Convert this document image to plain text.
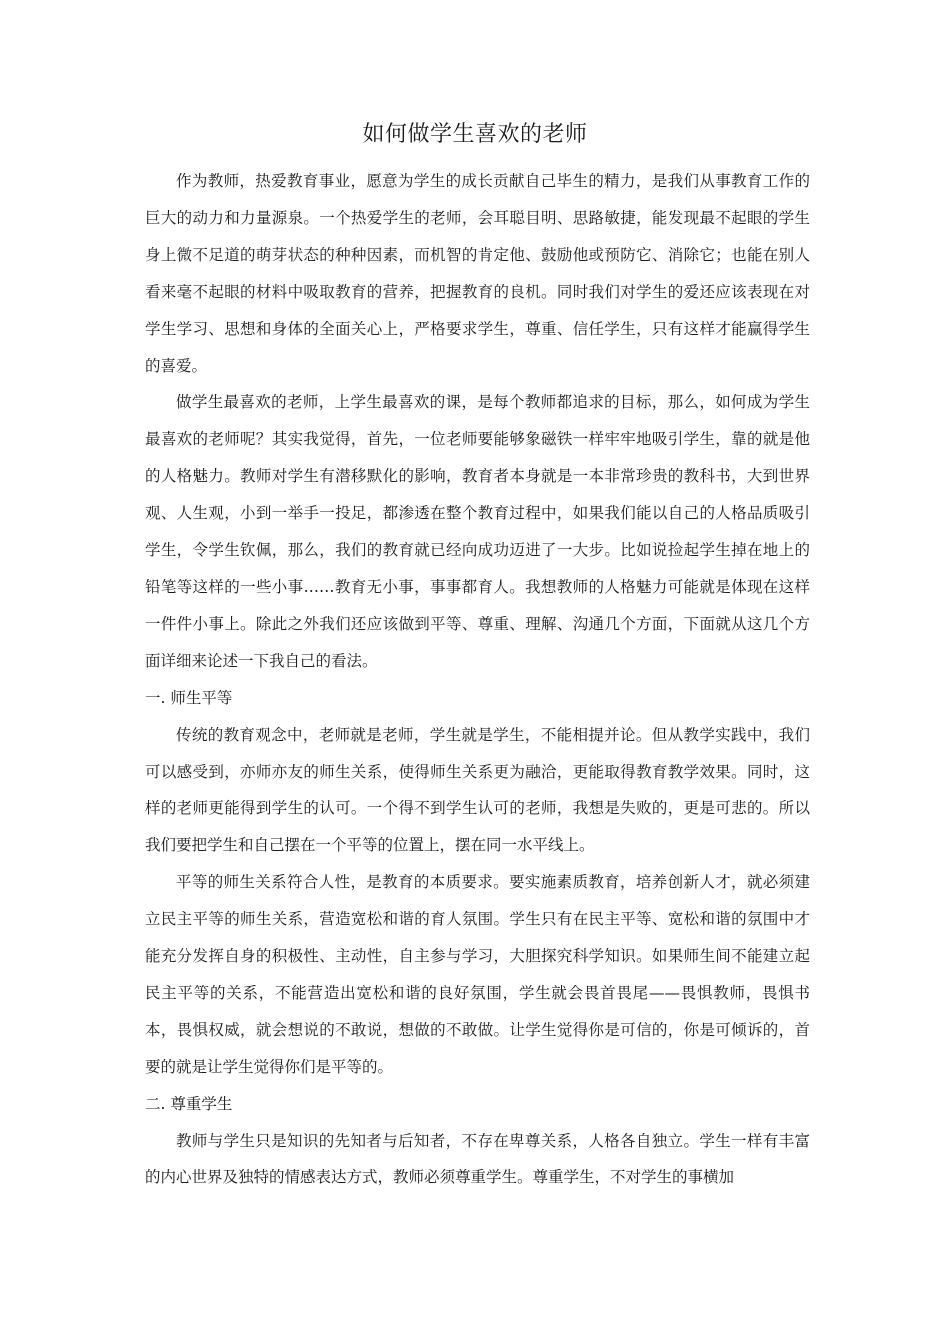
如何做学生喜欢的老师

作为教师，热爱教育事业，愿意为学生的成长贡献自己毕生的精力，是我们从事教育工作的巨大的动力和力量源泉。一个热爱学生的老师，会耳聪目明、思路敏捷，能发现最不起眼的学生身上微不足道的萌芽状态的种种因素，而机智的肯定他、鼓励他或预防它、消除它；也能在别人看来毫不起眼的材料中吸取教育的营养，把握教育的良机。同时我们对学生的爱还应该表现在对学生学习、思想和身体的全面关心上，严格要求学生，尊重、信任学生，只有这样才能赢得学生的喜爱。

做学生最喜欢的老师，上学生最喜欢的课，是每个教师都追求的目标，那么，如何成为学生最喜欢的老师呢？其实我觉得，首先，一位老师要能够象磁铁一样牢牢地吸引学生，靠的就是他的人格魅力。教师对学生有潜移默化的影响，教育者本身就是一本非常珍贵的教科书，大到世界观、人生观，小到一举手一投足，都渗透在整个教育过程中，如果我们能以自己的人格品质吸引学生，令学生钦佩，那么，我们的教育就已经向成功迈进了一大步。比如说捡起学生掉在地上的铅笔等这样的一些小事……教育无小事，事事都育人。我想教师的人格魅力可能就是体现在这样一件件小事上。除此之外我们还应该做到平等、尊重、理解、沟通几个方面，下面就从这几个方面详细来论述一下我自己的看法。

一. 师生平等

传统的教育观念中，老师就是老师，学生就是学生，不能相提并论。但从教学实践中，我们可以感受到，亦师亦友的师生关系，使得师生关系更为融洽，更能取得教育教学效果。同时，这样的老师更能得到学生的认可。一个得不到学生认可的老师，我想是失败的，更是可悲的。所以我们要把学生和自己摆在一个平等的位置上，摆在同一水平线上。

平等的师生关系符合人性，是教育的本质要求。要实施素质教育，培养创新人才，就必须建立民主平等的师生关系，营造宽松和谐的育人氛围。学生只有在民主平等、宽松和谐的氛围中才能充分发挥自身的积极性、主动性，自主参与学习，大胆探究科学知识。如果师生间不能建立起民主平等的关系，不能营造出宽松和谐的良好氛围，学生就会畏首畏尾——畏惧教师，畏惧书本，畏惧权威，就会想说的不敢说，想做的不敢做。让学生觉得你是可信的，你是可倾诉的，首要的就是让学生觉得你们是平等的。

二. 尊重学生

教师与学生只是知识的先知者与后知者，不存在卑尊关系，人格各自独立。学生一样有丰富的内心世界及独特的情感表达方式，教师必须尊重学生。尊重学生，不对学生的事横加
